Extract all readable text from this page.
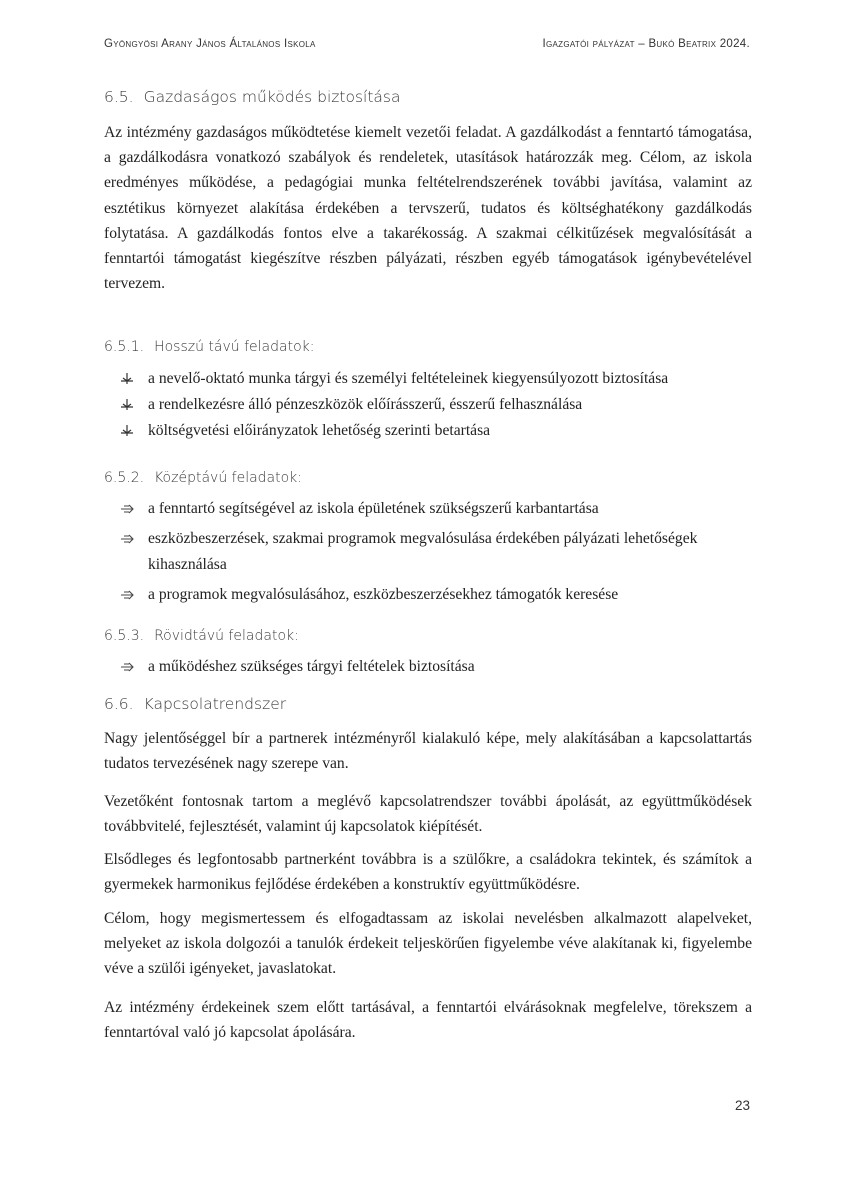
Gyöngyösi Arany János Általános Iskola	Igazgatói pályázat – Bukó Beatrix 2024.
6.5. Gazdaságos működés biztosítása

Az intézmény gazdaságos működtetése kiemelt vezetői feladat. A gazdálkodást a fenntartó támogatása, a gazdálkodásra vonatkozó szabályok és rendeletek, utasítások határozzák meg. Célom, az iskola eredményes működése, a pedagógiai munka feltételrendszerének további javítása, valamint az esztétikus környezet alakítása érdekében a tervszerű, tudatos és költséghatékony gazdálkodás folytatása. A gazdálkodás fontos elve a takarékosság. A szakmai célkitűzések megvalósítását a fenntartói támogatást kiegészítve részben pályázati, részben egyéb támogatások igénybevételével tervezem.

6.5.1. Hosszú távú feladatok:
a nevelő-oktató munka tárgyi és személyi feltételeinek kiegyensúlyozott biztosítása
a rendelkezésre álló pénzeszközök előírásszerű, ésszerű felhasználása
költségvetési előirányzatok lehetőség szerinti betartása
6.5.2. Középtávú feladatok:
a fenntartó segítségével az iskola épületének szükségszerű karbantartása
eszközbeszerzések, szakmai programok megvalósulása érdekében pályázati lehetőségek kihasználása
a programok megvalósulásához, eszközbeszerzésekhez támogatók keresése
6.5.3. Rövidtávú feladatok:
a működéshez szükséges tárgyi feltételek biztosítása
6.6. Kapcsolatrendszer

Nagy jelentőséggel bír a partnerek intézményről kialakuló képe, mely alakításában a kapcsolattartás tudatos tervezésének nagy szerepe van.

Vezetőként fontosnak tartom a meglévő kapcsolatrendszer további ápolását, az együttműködések továbbvitelé, fejlesztését, valamint új kapcsolatok kiépítését.

Elsődleges és legfontosabb partnerként továbbra is a szülőkre, a családokra tekintek, és számítok a gyermekek harmonikus fejlődése érdekében a konstruktív együttműködésre.

Célom, hogy megismertessem és elfogadtassam az iskolai nevelésben alkalmazott alapelveket, melyeket az iskola dolgozói a tanulók érdekeit teljeskörűen figyelembe véve alakítanak ki, figyelembe véve a szülői igényeket, javaslatokat.

Az intézmény érdekeinek szem előtt tartásával, a fenntartói elvárásoknak megfelelve, törekszem a fenntartóval való jó kapcsolat ápolására.

23
